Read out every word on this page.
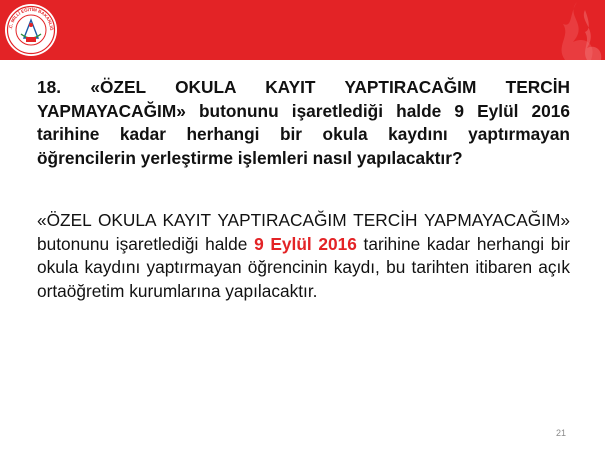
.C. MİLLÎ EĞİTİM BAKANLIĞ
18. «ÖZEL OKULA KAYIT YAPTIRACAĞIM TERCİH YAPMAYACAĞIM» butonunu işaretlediği halde 9 Eylül 2016 tarihine kadar herhangi bir okula kaydını yaptırmayan öğrencilerin yerleştirme işlemleri nasıl yapılacaktır?
«ÖZEL OKULA KAYIT YAPTIRACAĞIM TERCİH YAPMAYACAĞIM» butonunu işaretlediği halde 9 Eylül 2016 tarihine kadar herhangi bir okula kaydını yaptırmayan öğrencinin kaydı, bu tarihten itibaren açık ortaöğretim kurumlarına yapılacaktır.
21
